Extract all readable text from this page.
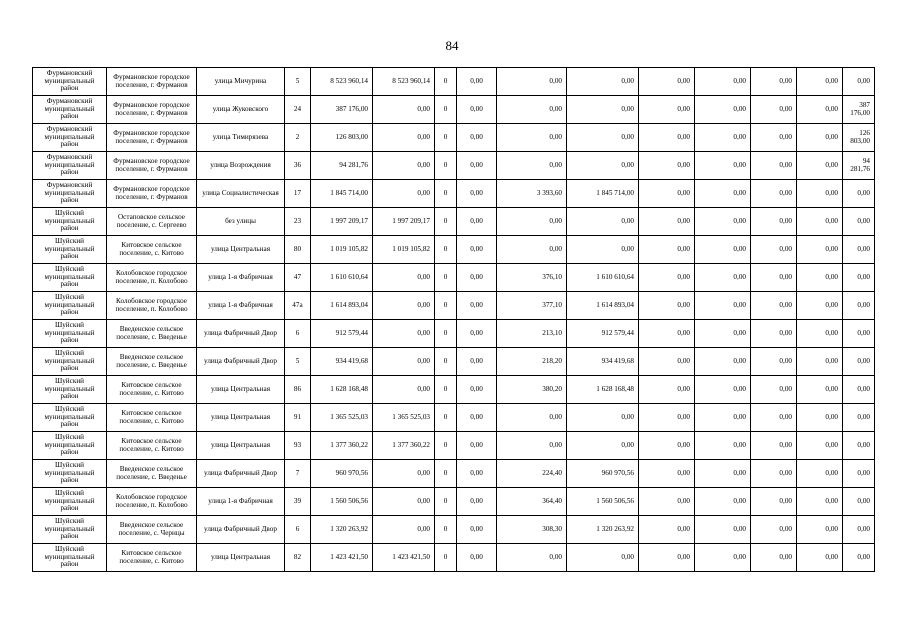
84
Фурмановский муниципальный район	Фурмановское городское поселение, г. Фурманов	улица Мичурина	5	8 523 960,14	8 523 960,14	0	0,00	0,00	0,00	0,00	0,00	0,00	0,00	0,00
Фурмановский муниципальный район	Фурмановское городское поселение, г. Фурманов	улица Жуковского	24	387 176,00	0,00	0	0,00	0,00	0,00	0,00	0,00	0,00	0,00	387 176,00
Фурмановский муниципальный район	Фурмановское городское поселение, г. Фурманов	улица Тимирязева	2	126 803,00	0,00	0	0,00	0,00	0,00	0,00	0,00	0,00	0,00	126 803,00
Фурмановский муниципальный район	Фурмановское городское поселение, г. Фурманов	улица Возрождения	36	94 281,76	0,00	0	0,00	0,00	0,00	0,00	0,00	0,00	0,00	94 281,76
Фурмановский муниципальный район	Фурмановское городское поселение, г. Фурманов	улица Социалистическая	17	1 845 714,00	0,00	0	0,00	3 393,60	1 845 714,00	0,00	0,00	0,00	0,00	0,00
Шуйский муниципальный район	Остаповское сельское поселение, с. Сергеево	без улицы	23	1 997 209,17	1 997 209,17	0	0,00	0,00	0,00	0,00	0,00	0,00	0,00	0,00
Шуйский муниципальный район	Китовское сельское поселение, с. Китово	улица Центральная	80	1 019 105,82	1 019 105,82	0	0,00	0,00	0,00	0,00	0,00	0,00	0,00	0,00
Шуйский муниципальный район	Колобовское городское поселение, п. Колобово	улица 1-я Фабричная	47	1 610 610,64	0,00	0	0,00	376,10	1 610 610,64	0,00	0,00	0,00	0,00	0,00
Шуйский муниципальный район	Колобовское городское поселение, п. Колобово	улица 1-я Фабричная	47а	1 614 893,04	0,00	0	0,00	377,10	1 614 893,04	0,00	0,00	0,00	0,00	0,00
Шуйский муниципальный район	Введенское сельское поселение, с. Введенье	улица Фабричный Двор	6	912 579,44	0,00	0	0,00	213,10	912 579,44	0,00	0,00	0,00	0,00	0,00
Шуйский муниципальный район	Введенское сельское поселение, с. Введенье	улица Фабричный Двор	5	934 419,68	0,00	0	0,00	218,20	934 419,68	0,00	0,00	0,00	0,00	0,00
Шуйский муниципальный район	Китовское сельское поселение, с. Китово	улица Центральная	86	1 628 168,48	0,00	0	0,00	380,20	1 628 168,48	0,00	0,00	0,00	0,00	0,00
Шуйский муниципальный район	Китовское сельское поселение, с. Китово	улица Центральная	91	1 365 525,03	1 365 525,03	0	0,00	0,00	0,00	0,00	0,00	0,00	0,00	0,00
Шуйский муниципальный район	Китовское сельское поселение, с. Китово	улица Центральная	93	1 377 360,22	1 377 360,22	0	0,00	0,00	0,00	0,00	0,00	0,00	0,00	0,00
Шуйский муниципальный район	Введенское сельское поселение, с. Введенье	улица Фабричный Двор	7	960 970,56	0,00	0	0,00	224,40	960 970,56	0,00	0,00	0,00	0,00	0,00
Шуйский муниципальный район	Колобовское городское поселение, п. Колобово	улица 1-я Фабричная	39	1 560 506,56	0,00	0	0,00	364,40	1 560 506,56	0,00	0,00	0,00	0,00	0,00
Шуйский муниципальный район	Введенское сельское поселение, с. Чернцы	улица Фабричный Двор	6	1 320 263,92	0,00	0	0,00	308,30	1 320 263,92	0,00	0,00	0,00	0,00	0,00
Шуйский муниципальный район	Китовское сельское поселение, с. Китово	улица Центральная	82	1 423 421,50	1 423 421,50	0	0,00	0,00	0,00	0,00	0,00	0,00	0,00	0,00
